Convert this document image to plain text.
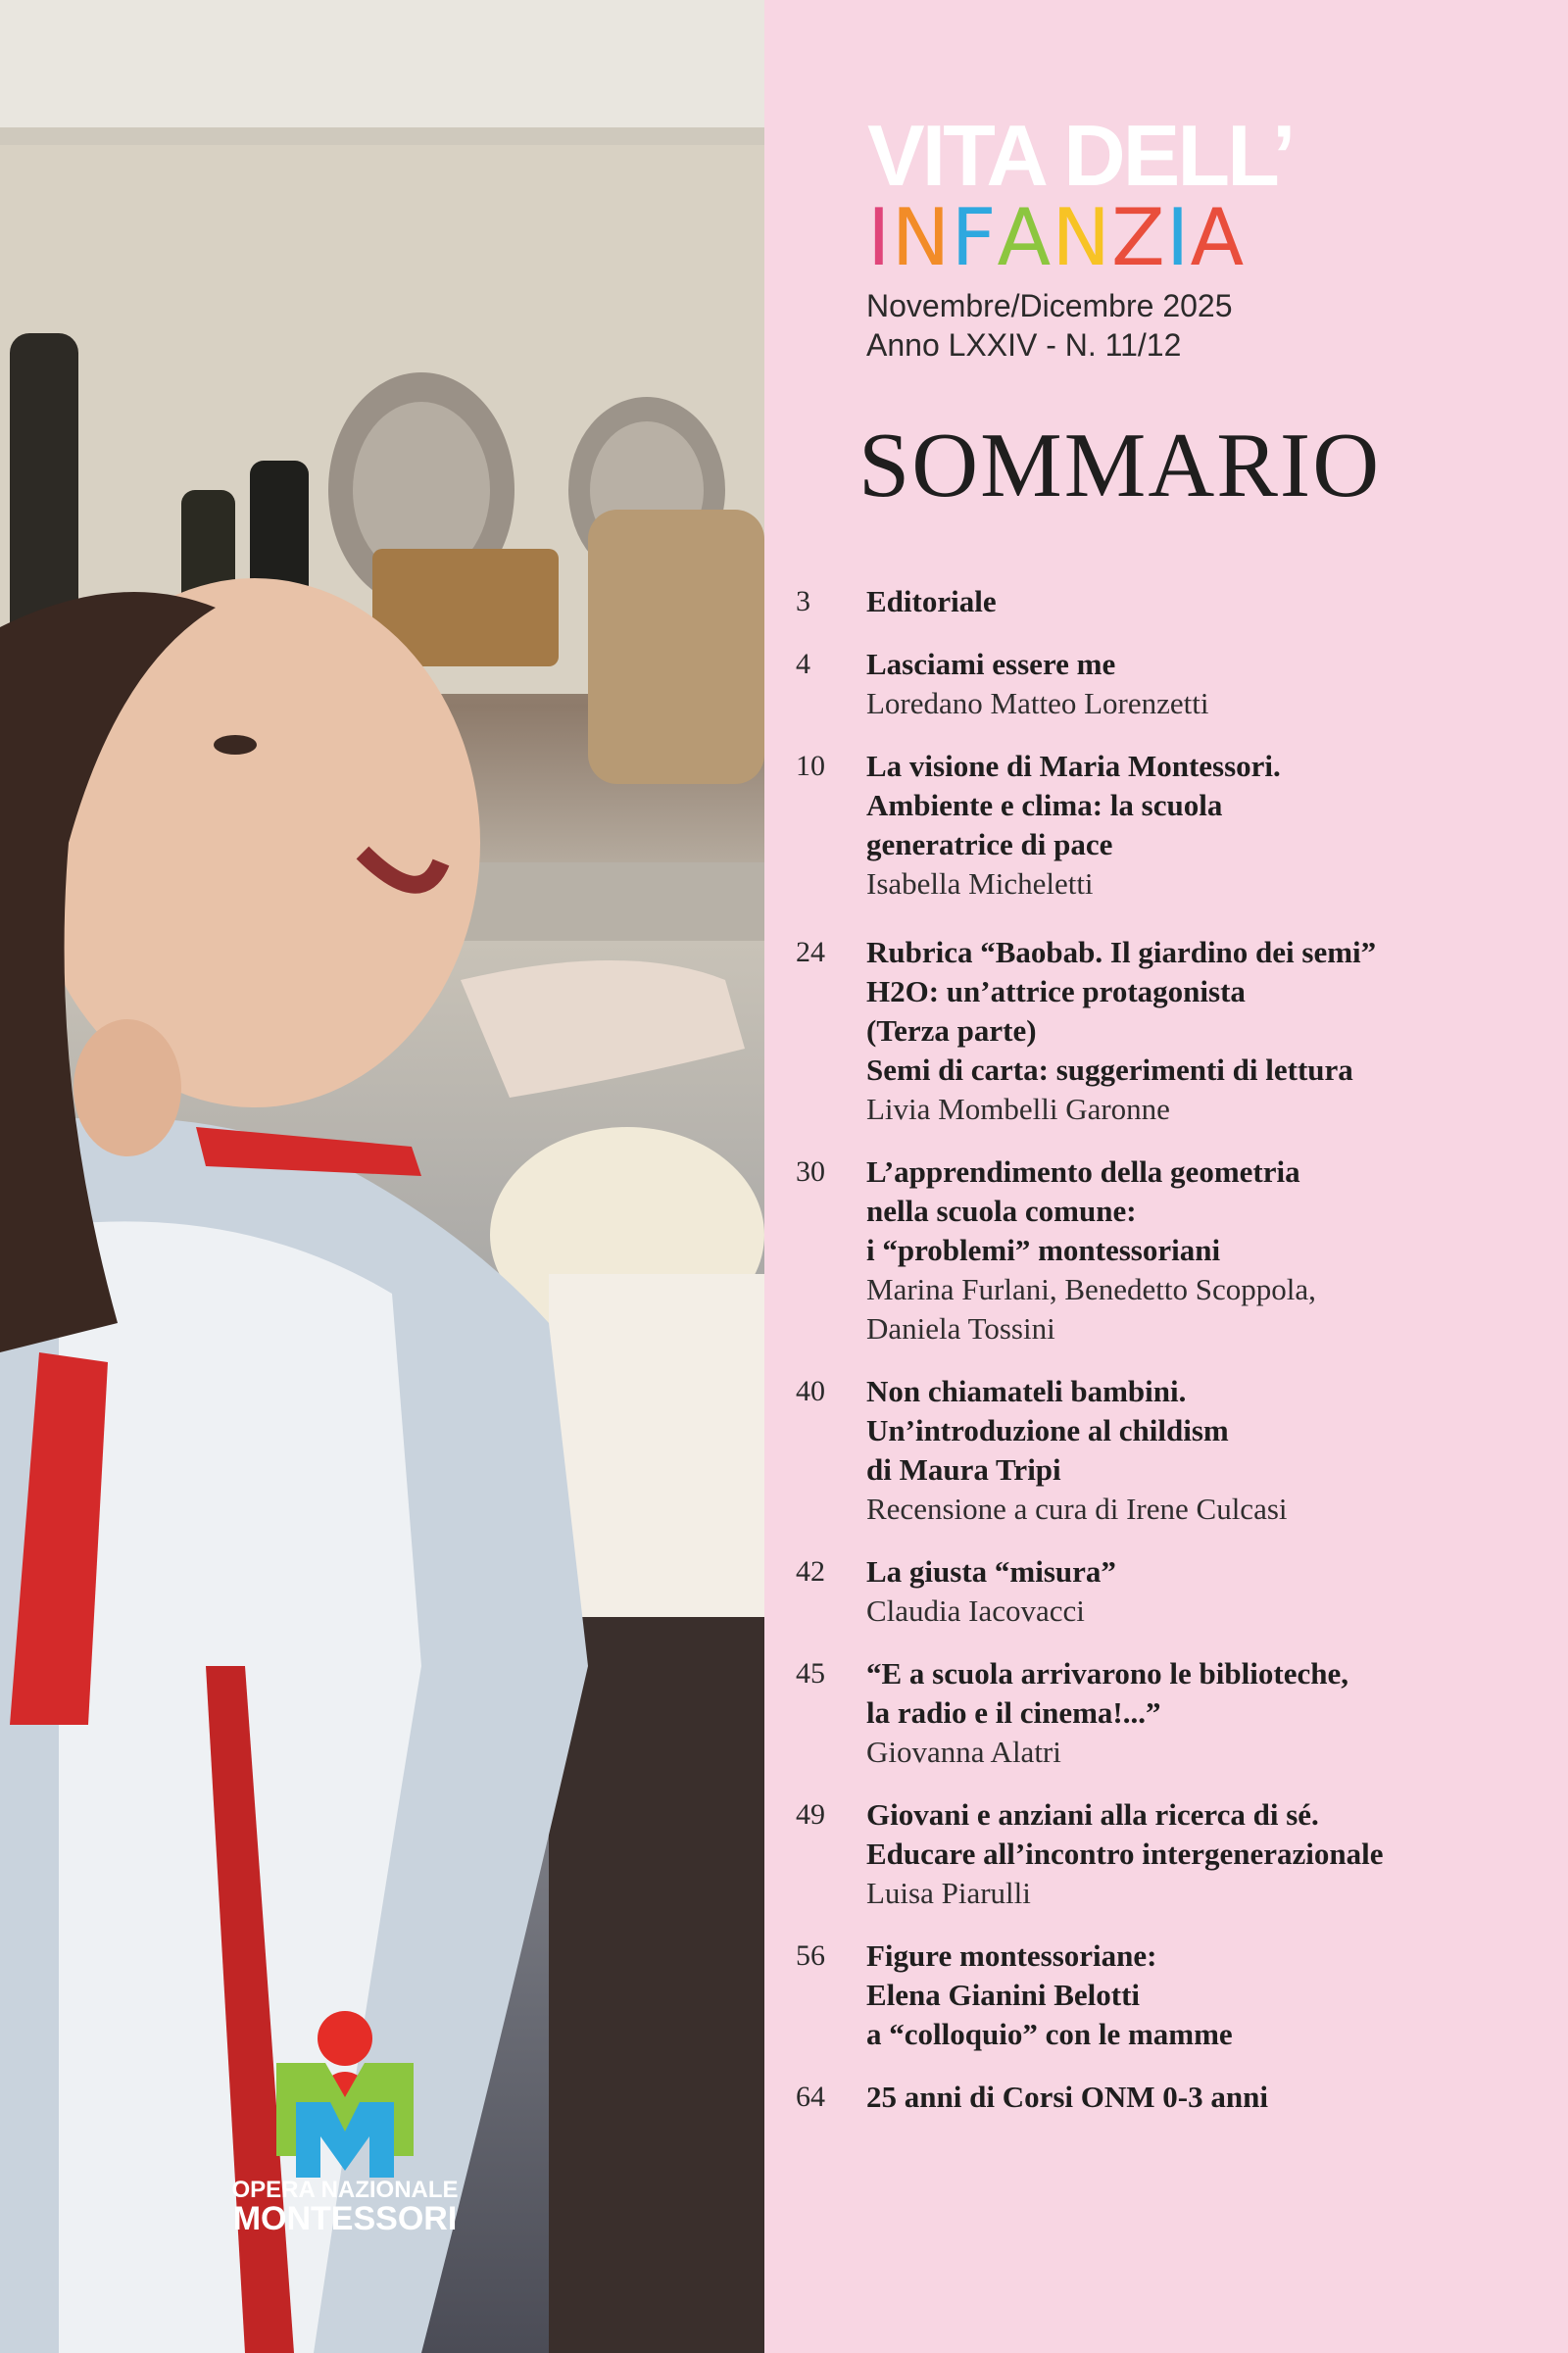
OPERA NAZIONALE
MONTESSORI
VITA DELL’
INFANZIA
Novembre/Dicembre 2025
Anno LXXIV - N. 11/12
SOMMARIO
3	Editoriale
4	Lasciami essere me
Loredano Matteo Lorenzetti
10	La visione di Maria Montessori.
Ambiente e clima: la scuola
generatrice di pace
Isabella Micheletti
24	Rubrica “Baobab. Il giardino dei semi”
H2O: un’attrice protagonista
(Terza parte)
Semi di carta: suggerimenti di lettura
Livia Mombelli Garonne
30	L’apprendimento della geometria
nella scuola comune:
i “problemi” montessoriani
Marina Furlani, Benedetto Scoppola,
Daniela Tossini
40	Non chiamateli bambini.
Un’introduzione al childism
di Maura Tripi
Recensione a cura di Irene Culcasi
42	La giusta “misura”
Claudia Iacovacci
45	“E a scuola arrivarono le biblioteche,
la radio e il cinema!...”
Giovanna Alatri
49	Giovani e anziani alla ricerca di sé.
Educare all’incontro intergenerazionale
Luisa Piarulli
56	Figure montessoriane:
Elena Gianini Belotti
a “colloquio” con le mamme
64	25 anni di Corsi ONM 0-3 anni
